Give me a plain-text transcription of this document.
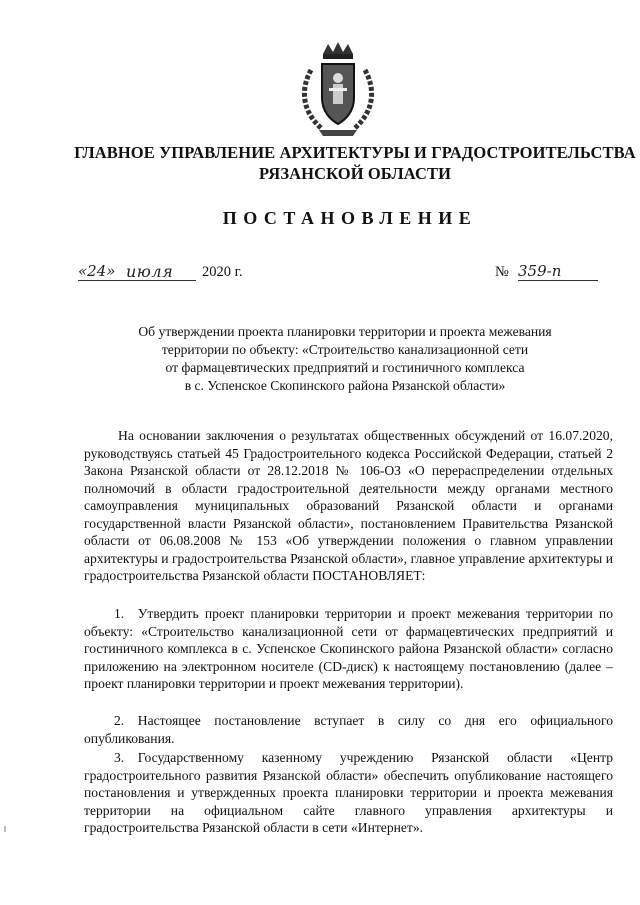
ГЛАВНОЕ УПРАВЛЕНИЕ АРХИТЕКТУРЫ И ГРАДОСТРОИТЕЛЬСТВА
РЯЗАНСКОЙ ОБЛАСТИ
ПОСТАНОВЛЕНИЕ
«24» июля 2020 г.	№ 359-п
Об утверждении проекта планировки территории и проекта межевания
территории по объекту: «Строительство канализационной сети
от фармацевтических предприятий и гостиничного комплекса
в с. Успенское Скопинского района Рязанской области»
На основании заключения о результатах общественных обсуждений от 16.07.2020, руководствуясь статьей 45 Градостроительного кодекса Российской Федерации, статьей 2 Закона Рязанской области от 28.12.2018 № 106-ОЗ «О перераспределении отдельных полномочий в области градостроительной деятельности между органами местного самоуправления муниципальных образований Рязанской области и органами государственной власти Рязанской области», постановлением Правительства Рязанской области от 06.08.2008 № 153 «Об утверждении положения о главном управлении архитектуры и градостроительства Рязанской области», главное управление архитектуры и градостроительства Рязанской области ПОСТАНОВЛЯЕТ:
1. Утвердить проект планировки территории и проект межевания территории по объекту: «Строительство канализационной сети от фармацевтических предприятий и гостиничного комплекса в с. Успенское Скопинского района Рязанской области» согласно приложению на электронном носителе (CD-диск) к настоящему постановлению (далее – проект планировки территории и проект межевания территории).
2. Настоящее постановление вступает в силу со дня его официального опубликования.
3. Государственному казенному учреждению Рязанской области «Центр градостроительного развития Рязанской области» обеспечить опубликование настоящего постановления и утвержденных проекта планировки территории и проекта межевания территории на официальном сайте главного управления архитектуры и градостроительства Рязанской области в сети «Интернет».
